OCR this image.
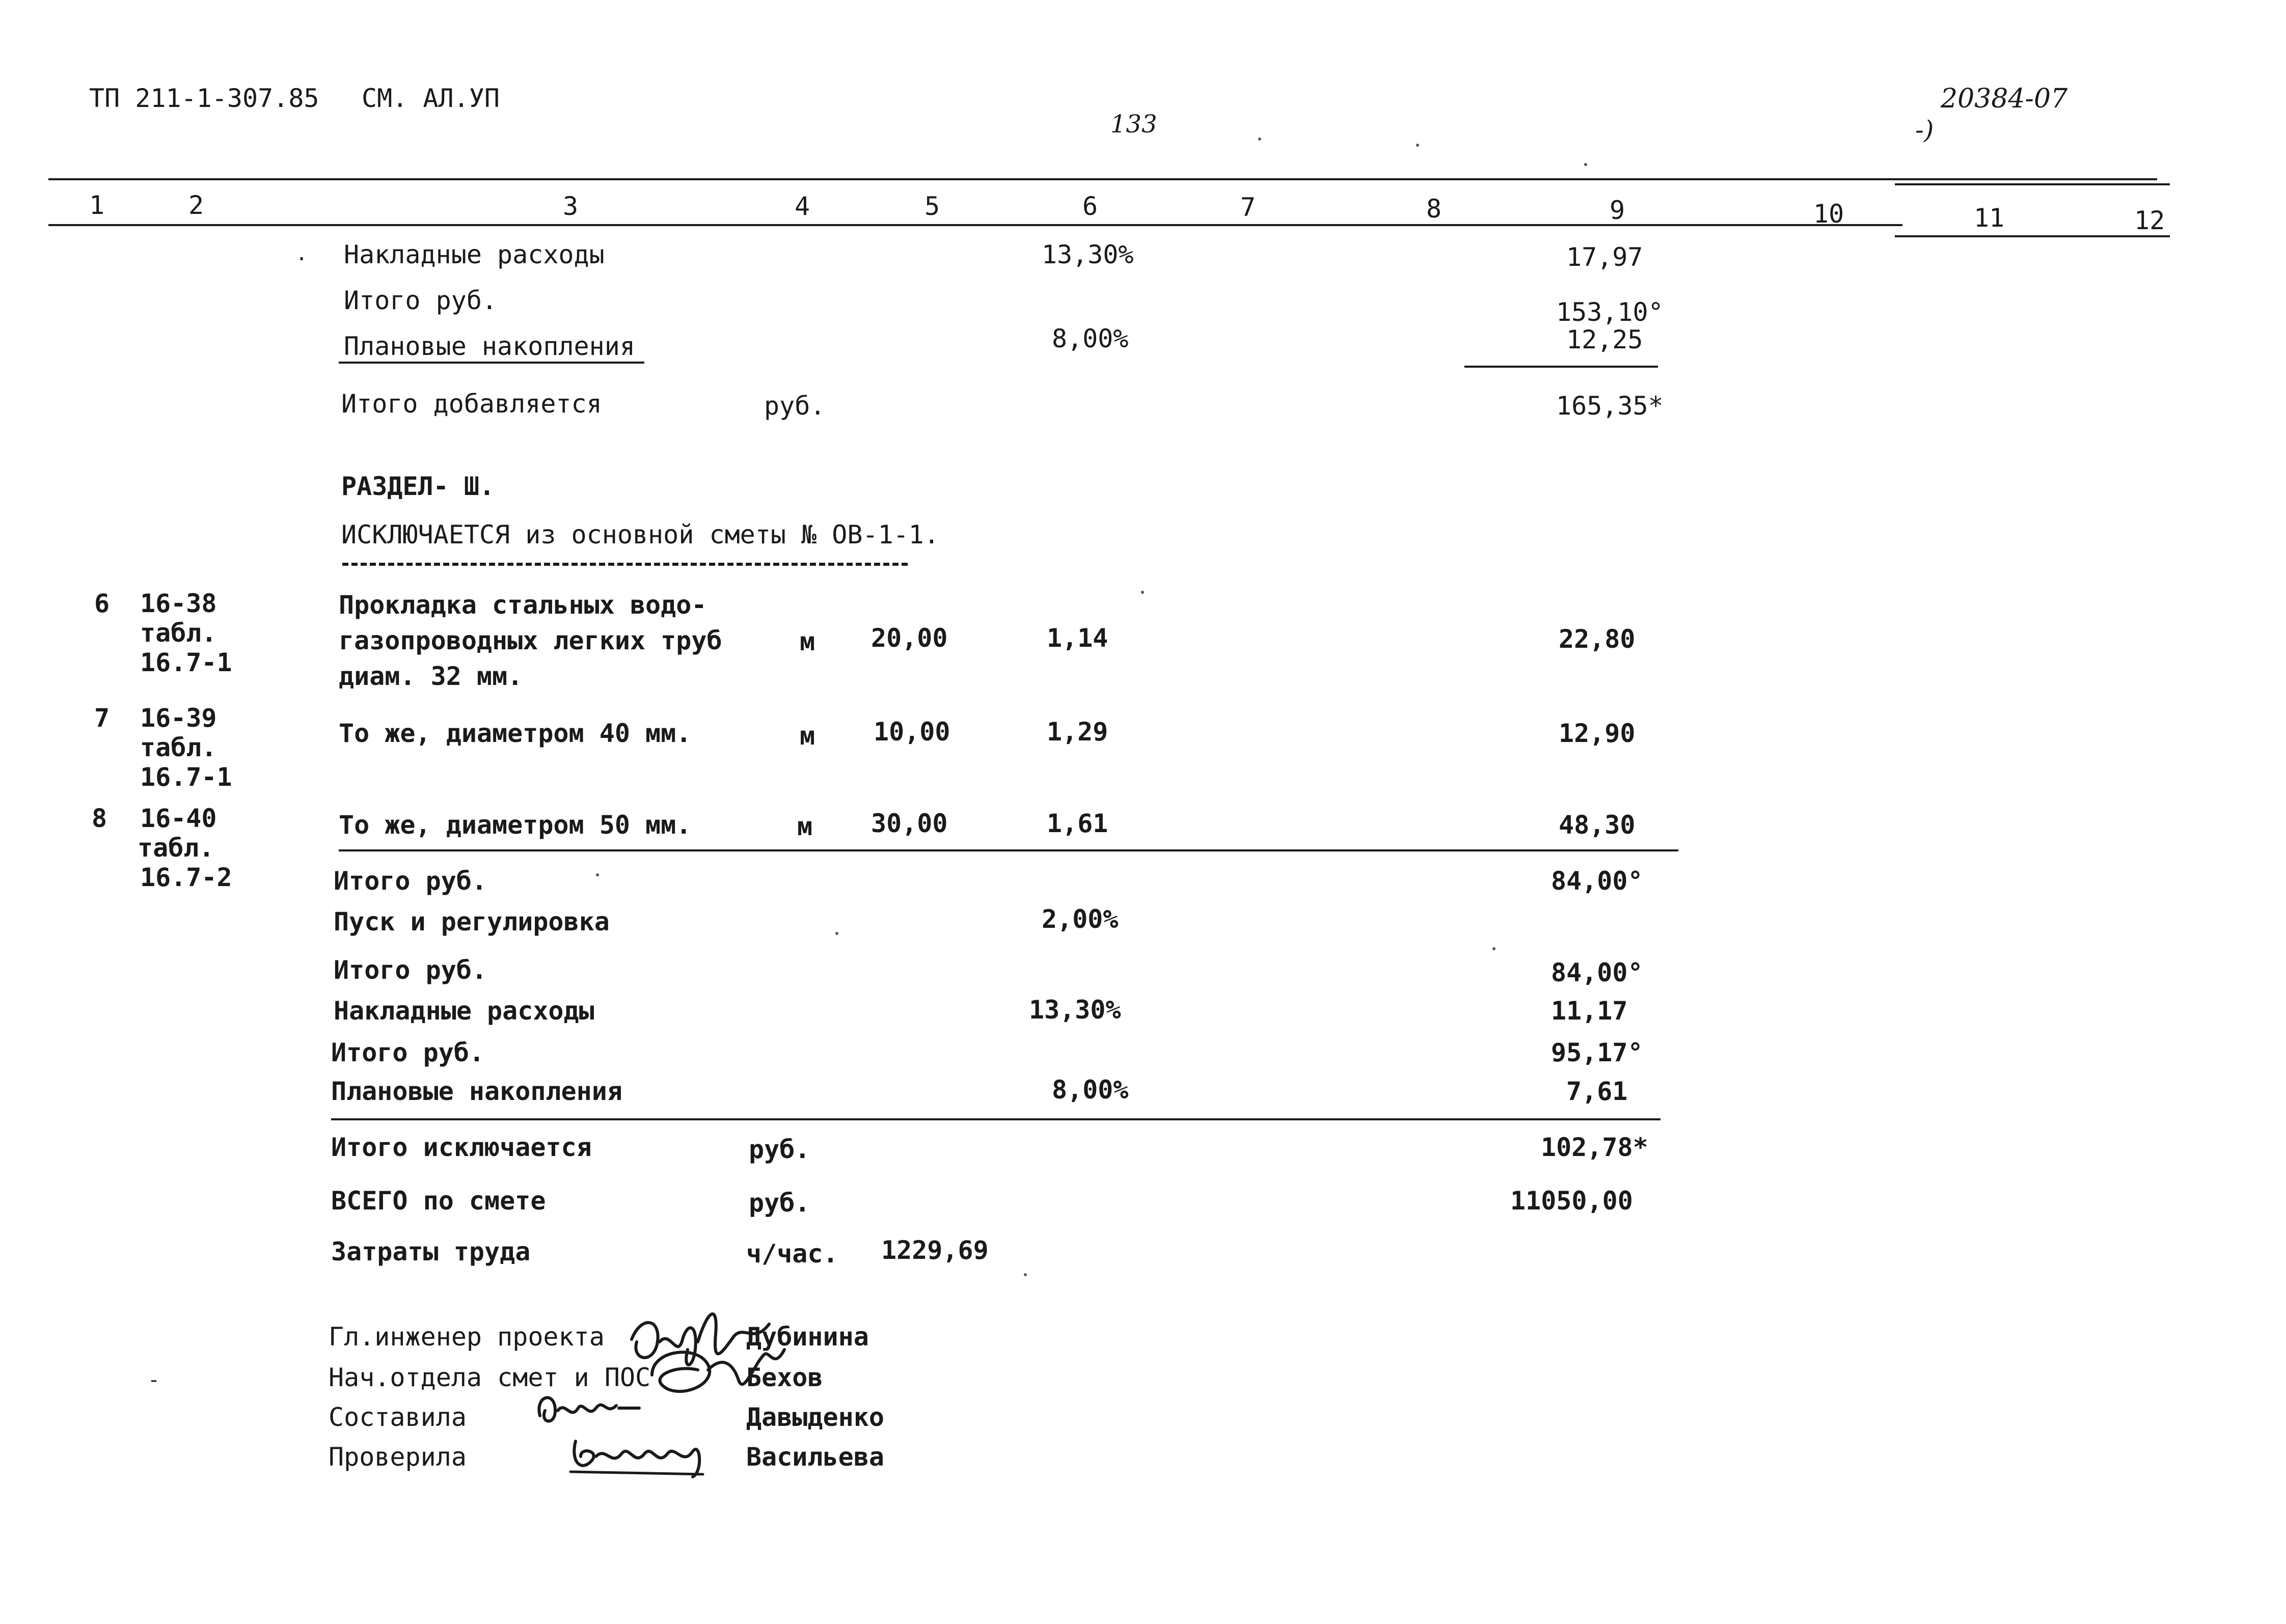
ТП 211-1-307.85 СМ. АЛ.УП
133
20384-07
-)
1	2	3	4	5	6	7	8	9	10	11	12
. Накладные расходы	13,30%	17,97
Итого руб.	153,10°
Плановые накопления	8,00%	12,25
Итого добавляется	руб.	165,35*
РАЗДЕЛ- Ш.
ИСКЛЮЧАЕТСЯ из основной сметы № ОВ-1-1.
6 16-38
табл.
16.7-1
Прокладка стальных водо-
газопроводных легких труб
диам. 32 мм.
м 20,00	1,14	22,80
7 16-39
табл.
16.7-1
То же, диаметром 40 мм.	м 10,00	1,29	12,90
8 16-40
табл.
16.7-2
То же, диаметром 50 мм.	м 30,00	1,61	48,30
Итого руб.	84,00°
Пуск и регулировка	2,00%
Итого руб.	84,00°
Накладные расходы	13,30%	11,17
Итого руб.	95,17°
Плановые накопления	8,00%	7,61
Итого исключается	руб.	102,78*
ВСЕГО по смете	руб.	11050,00
Затраты труда	ч/час. 1229,69
Гл.инженер проекта	Дубинина
Нач.отдела смет и ПОС	Бехов
Составила	Давыденко
Проверила	Васильева
-
